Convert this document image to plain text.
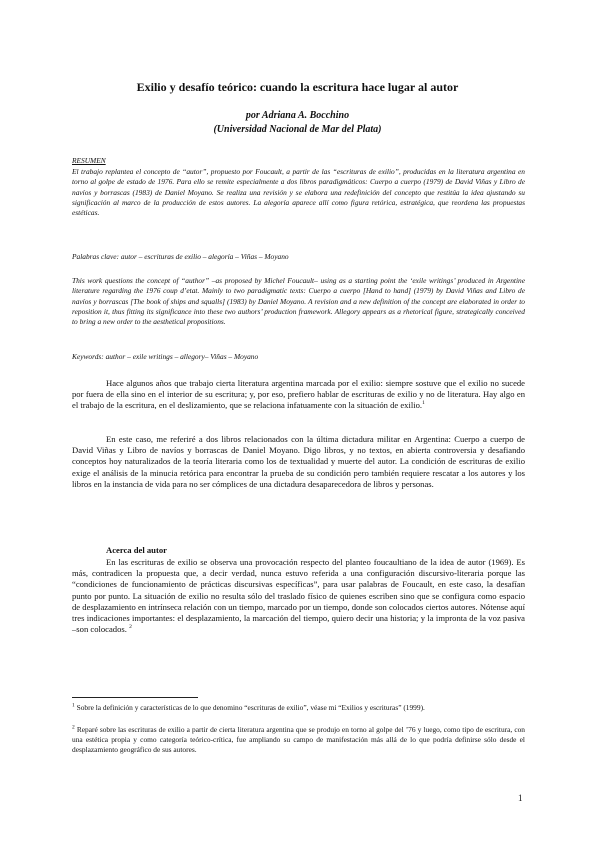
Exilio y desafío teórico: cuando la escritura hace lugar al autor
por Adriana A. Bocchino
(Universidad Nacional de Mar del Plata)
RESUMEN

El trabajo replantea el concepto de “autor”, propuesto por Foucault, a partir de las “escrituras de exilio”, producidas en la literatura argentina en torno al golpe de estado de 1976. Para ello se remite especialmente a dos libros paradigmáticos: Cuerpo a cuerpo (1979) de David Viñas y Libro de navíos y borrascas (1983) de Daniel Moyano. Se realiza una revisión y se elabora una redefinición del concepto que restitúa la idea ajustando su significación al marco de la producción de estos autores. La alegoría aparece allí como figura retórica, estratégica, que reordena las propuestas estéticas.

Palabras clave: autor – escrituras de exilio – alegoría – Viñas – Moyano

This work questions the concept of “author” –as proposed by Michel Foucault– using as a starting point the ‘exile writings’ produced in Argentine literature regarding the 1976 coup d’etat. Mainly to two paradigmatic texts: Cuerpo a cuerpo [Hand to hand] (1979) by David Viñas and Libro de navíos y borrascas [The book of ships and squalls] (1983) by Daniel Moyano. A revision and a new definition of the concept are elaborated in order to reposition it, thus fitting its significance into these two authors’ production framework. Allegory appears as a rhetorical figure, strategically conceived to bring a new order to the aesthetical propositions.

Keywords: author – exile writings – allegory– Viñas – Moyano

Hace algunos años que trabajo cierta literatura argentina marcada por el exilio: siempre sostuve que el exilio no sucede por fuera de ella sino en el interior de su escritura; y, por eso, prefiero hablar de escrituras de exilio y no de literatura. Hay algo en el trabajo de la escritura, en el deslizamiento, que se relaciona infatuamente con la situación de exilio.$^1$

En este caso, me referiré a dos libros relacionados con la última dictadura militar en Argentina: Cuerpo a cuerpo de David Viñas y Libro de navíos y borrascas de Daniel Moyano. Digo libros, y no textos, en abierta controversia y desafiando conceptos hoy naturalizados de la teoría literaria como los de textualidad y muerte del autor. La condición de escrituras de exilio exige el análisis de la minucia retórica para encontrar la prueba de su condición pero también requiere rescatar a los autores y los libros en la instancia de vida para no ser cómplices de una dictadura desaparecedora de libros y personas.

Acerca del autor

En las escrituras de exilio se observa una provocación respecto del planteo foucaultiano de la idea de autor (1969). Es más, contradicen la propuesta que, a decir verdad, nunca estuvo referida a una configuración discursivo-literaria porque las “condiciones de funcionamiento de prácticas discursivas específicas”, para usar palabras de Foucault, en este caso, la desafían punto por punto. La situación de exilio no resulta sólo del traslado físico de quienes escriben sino que se configura como espacio de desplazamiento en intrínseca relación con un tiempo, marcado por un tiempo, donde son colocados ciertos autores. Nótense aquí tres indicaciones importantes: el desplazamiento, la marcación del tiempo, quiero decir una historia; y la impronta de la voz pasiva –son colocados. $^2$

$^1$ Sobre la definición y características de lo que denomino “escrituras de exilio”, véase mi “Exilios y escrituras” (1999).

$^2$ Reparé sobre las escrituras de exilio a partir de cierta literatura argentina que se produjo en torno al golpe del ’76 y luego, como tipo de escritura, con una estética propia y como categoría teórico-crítica, fue ampliando su campo de manifestación más allá de lo que podría definirse sólo desde el desplazamiento geográfico de sus autores.

1
